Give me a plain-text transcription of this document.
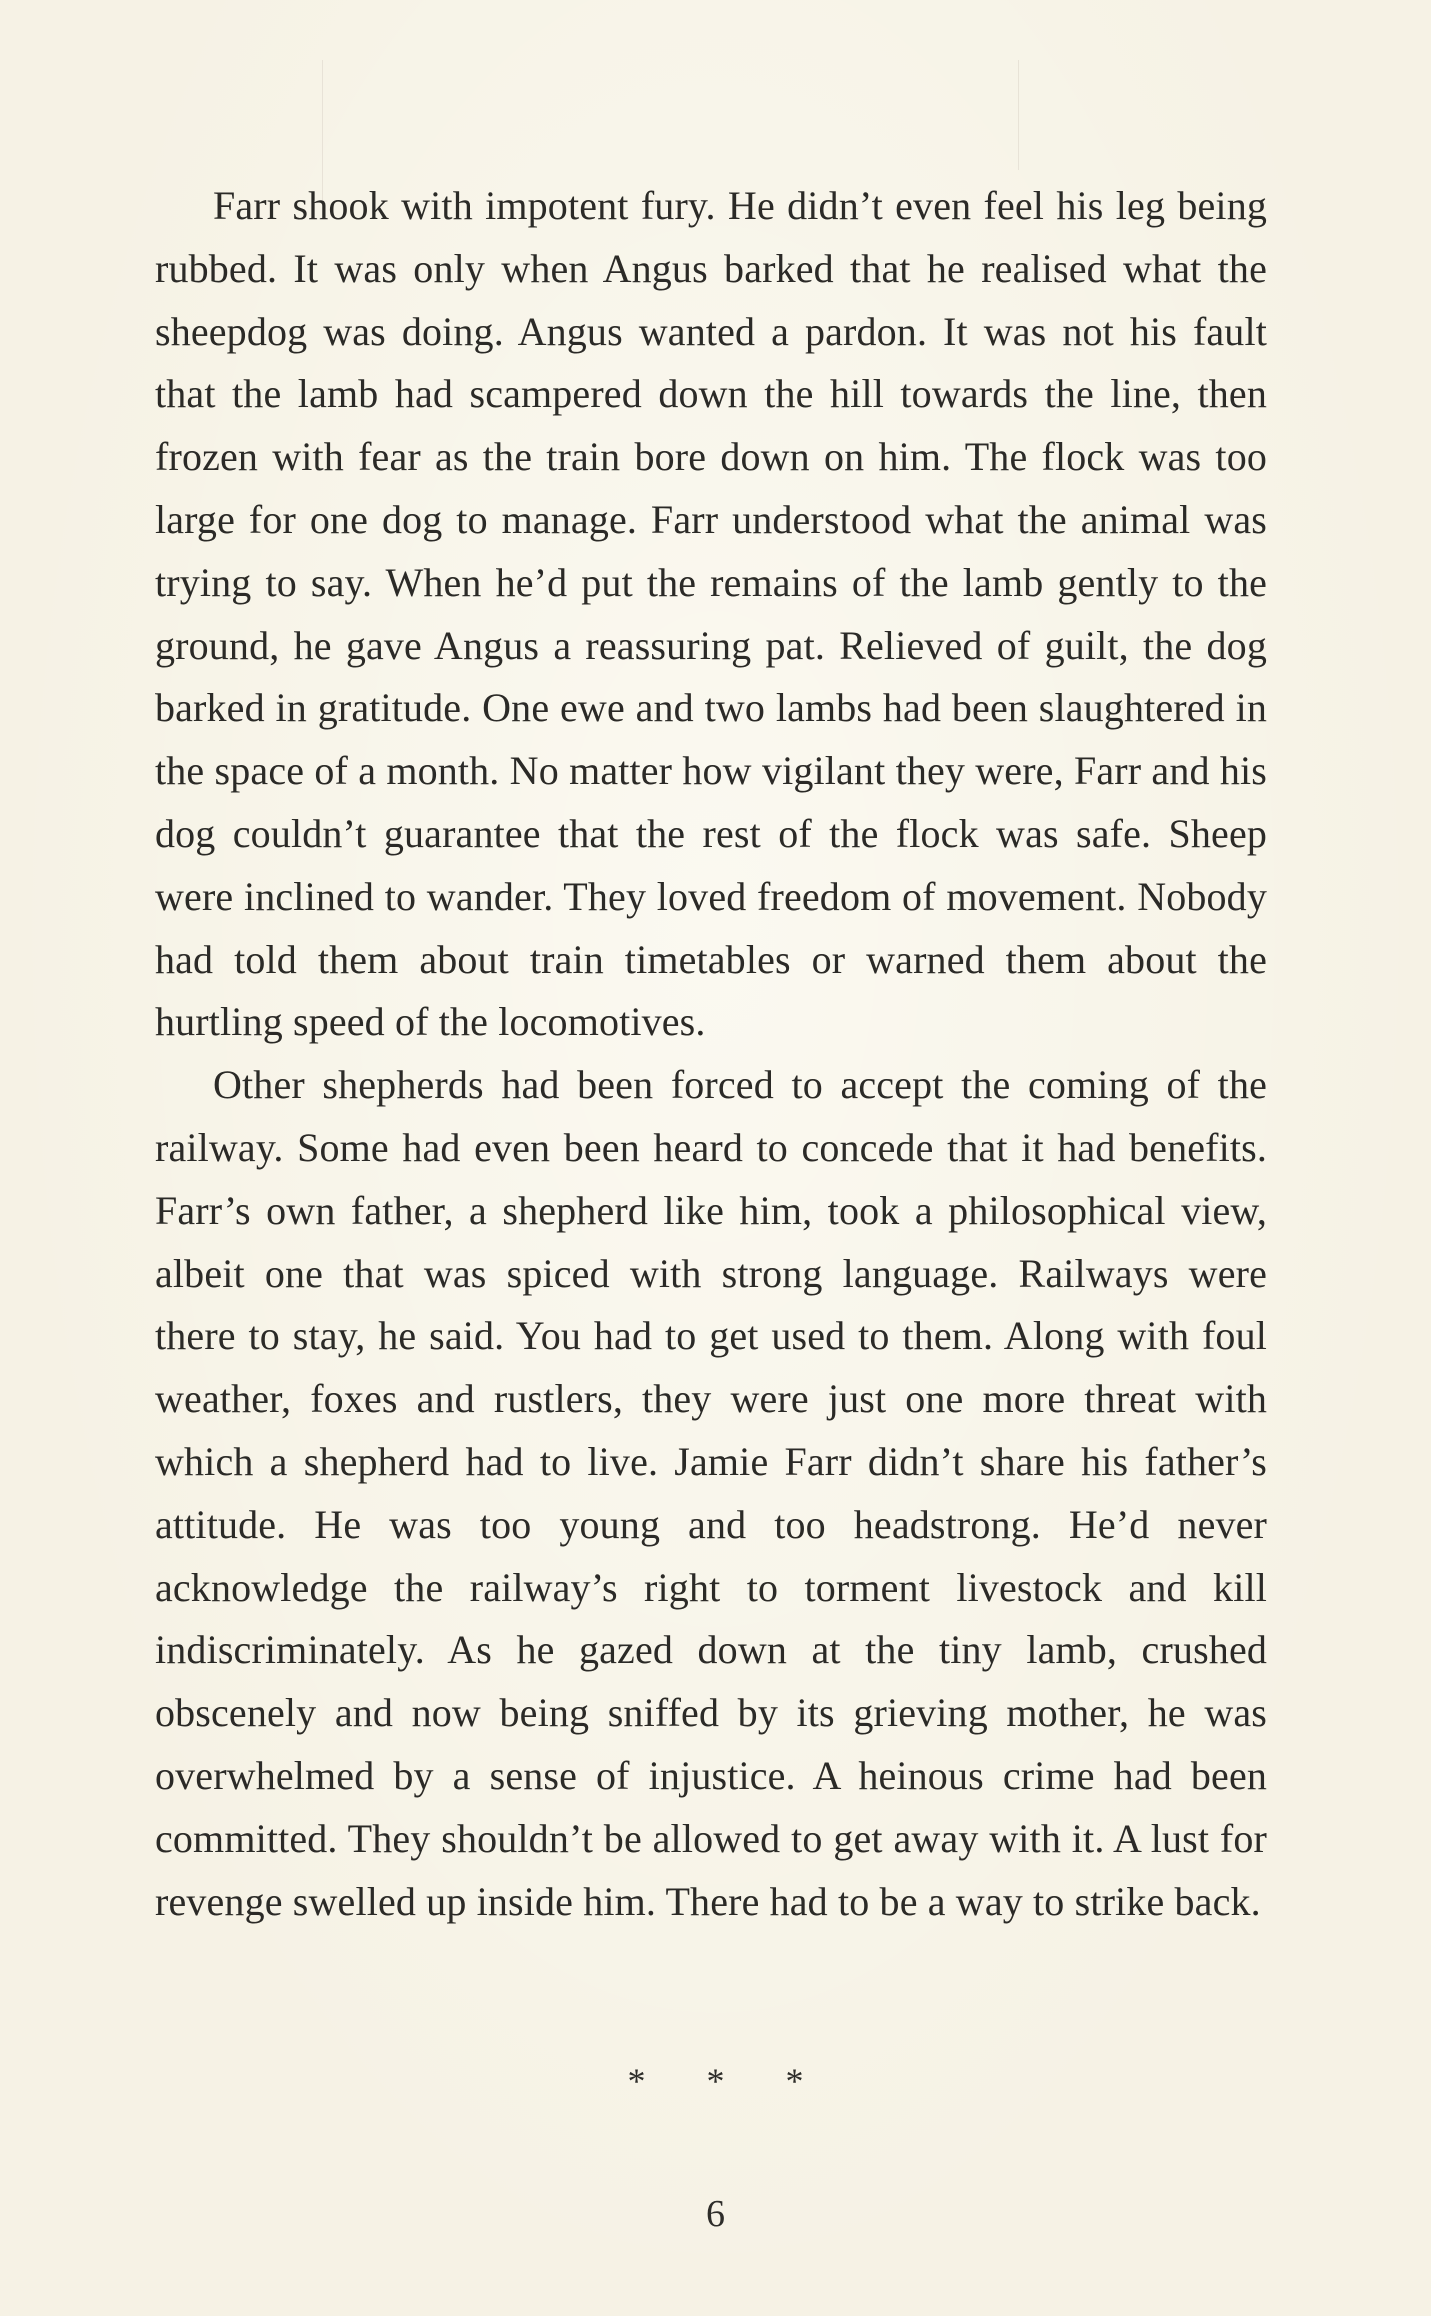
Farr shook with impotent fury. He didn’t even feel his leg being rubbed. It was only when Angus barked that he realised what the sheepdog was doing. Angus wanted a pardon. It was not his fault that the lamb had scampered down the hill towards the line, then frozen with fear as the train bore down on him. The flock was too large for one dog to manage. Farr understood what the animal was trying to say. When he’d put the remains of the lamb gently to the ground, he gave Angus a reassuring pat. Relieved of guilt, the dog barked in gratitude. One ewe and two lambs had been slaughtered in the space of a month. No matter how vigilant they were, Farr and his dog couldn’t guarantee that the rest of the flock was safe. Sheep were inclined to wander. They loved freedom of movement. Nobody had told them about train timetables or warned them about the hurtling speed of the locomotives.

Other shepherds had been forced to accept the coming of the railway. Some had even been heard to concede that it had benefits. Farr’s own father, a shepherd like him, took a philosophical view, albeit one that was spiced with strong language. Railways were there to stay, he said. You had to get used to them. Along with foul weather, foxes and rustlers, they were just one more threat with which a shepherd had to live. Jamie Farr didn’t share his father’s attitude. He was too young and too headstrong. He’d never acknowledge the railway’s right to torment livestock and kill indiscriminately. As he gazed down at the tiny lamb, crushed obscenely and now being sniffed by its grieving mother, he was overwhelmed by a sense of injustice. A heinous crime had been committed. They shouldn’t be allowed to get away with it. A lust for revenge swelled up inside him. There had to be a way to strike back.

* * *
6
